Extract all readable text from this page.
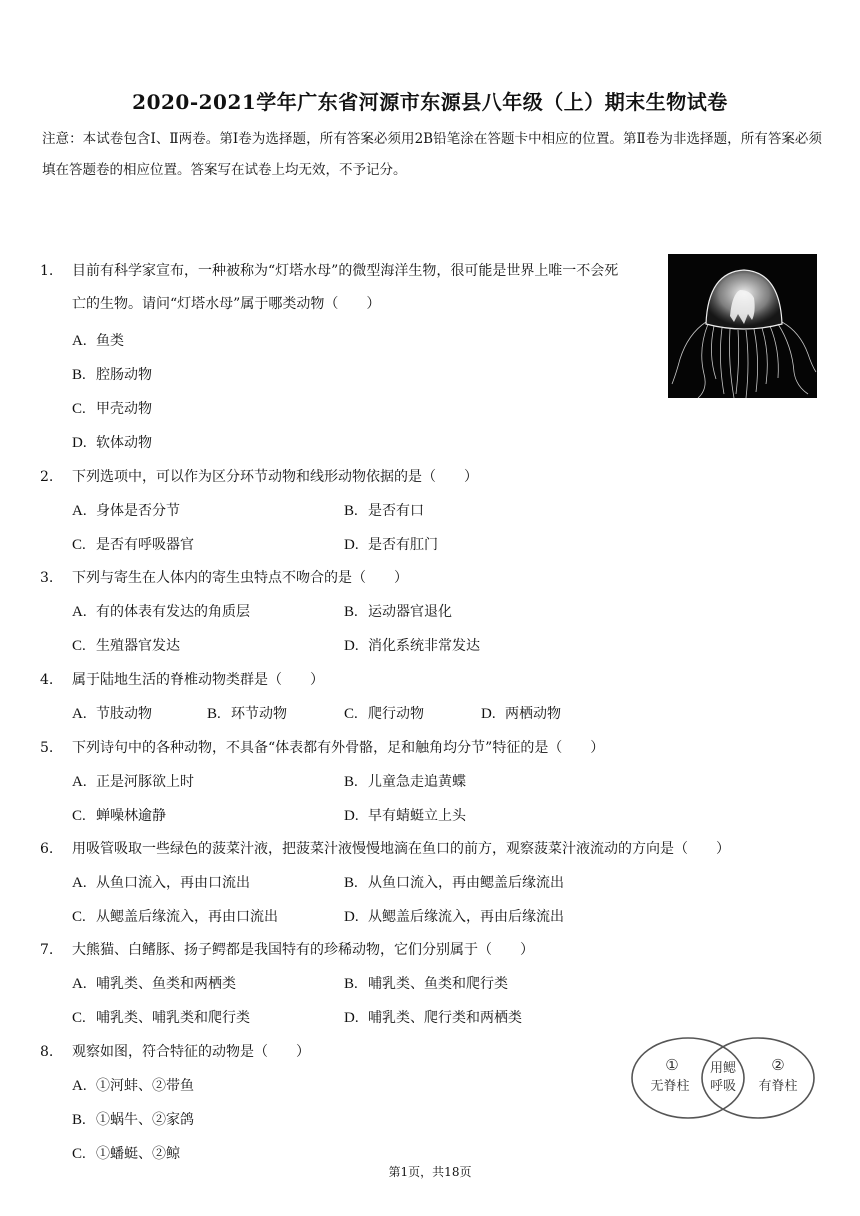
2020-2021学年广东省河源市东源县八年级（上）期末生物试卷
注意：本试卷包含Ⅰ、Ⅱ两卷。第Ⅰ卷为选择题，所有答案必须用2B铅笔涂在答题卡中相应的位置。第Ⅱ卷为非选择题，所有答案必须填在答题卷的相应位置。答案写在试卷上均无效，不予记分。
1.	目前有科学家宣布，一种被称为“灯塔水母”的微型海洋生物，很可能是世界上唯一不会死亡的生物。请问“灯塔水母”属于哪类动物（　　）
A. 鱼类
B. 腔肠动物
C. 甲壳动物
D. 软体动物
2. 下列选项中，可以作为区分环节动物和线形动物依据的是（　　）
A. 身体是否分节	B. 是否有口
C. 是否有呼吸器官	D. 是否有肛门
3. 下列与寄生在人体内的寄生虫特点不吻合的是（　　）
A. 有的体表有发达的角质层	B. 运动器官退化
C. 生殖器官发达	D. 消化系统非常发达
4. 属于陆地生活的脊椎动物类群是（　　）
A. 节肢动物	B. 环节动物	C. 爬行动物	D. 两栖动物
5. 下列诗句中的各种动物，不具备“体表都有外骨骼，足和触角均分节”特征的是（　　）
A. 正是河豚欲上时	B. 儿童急走追黄蝶
C. 蝉噪林逾静	D. 早有蜻蜓立上头
6. 用吸管吸取一些绿色的菠菜汁液，把菠菜汁液慢慢地滴在鱼口的前方，观察菠菜汁液流动的方向是（　　）
A. 从鱼口流入，再由口流出	B. 从鱼口流入，再由鳃盖后缘流出
C. 从鳃盖后缘流入，再由口流出	D. 从鳃盖后缘流入，再由后缘流出
7. 大熊猫、白鳍豚、扬子鳄都是我国特有的珍稀动物，它们分别属于（　　）
A. 哺乳类、鱼类和两栖类	B. 哺乳类、鱼类和爬行类
C. 哺乳类、哺乳类和爬行类	D. 哺乳类、爬行类和两栖类
8. 观察如图，符合特征的动物是（　　）
A. ①河蚌、②带鱼
B. ①蜗牛、②家鸽
C. ①蟠蜓、②鲸
①
无脊柱
用鳃
呼吸
②
有脊柱
第1页，共18页
